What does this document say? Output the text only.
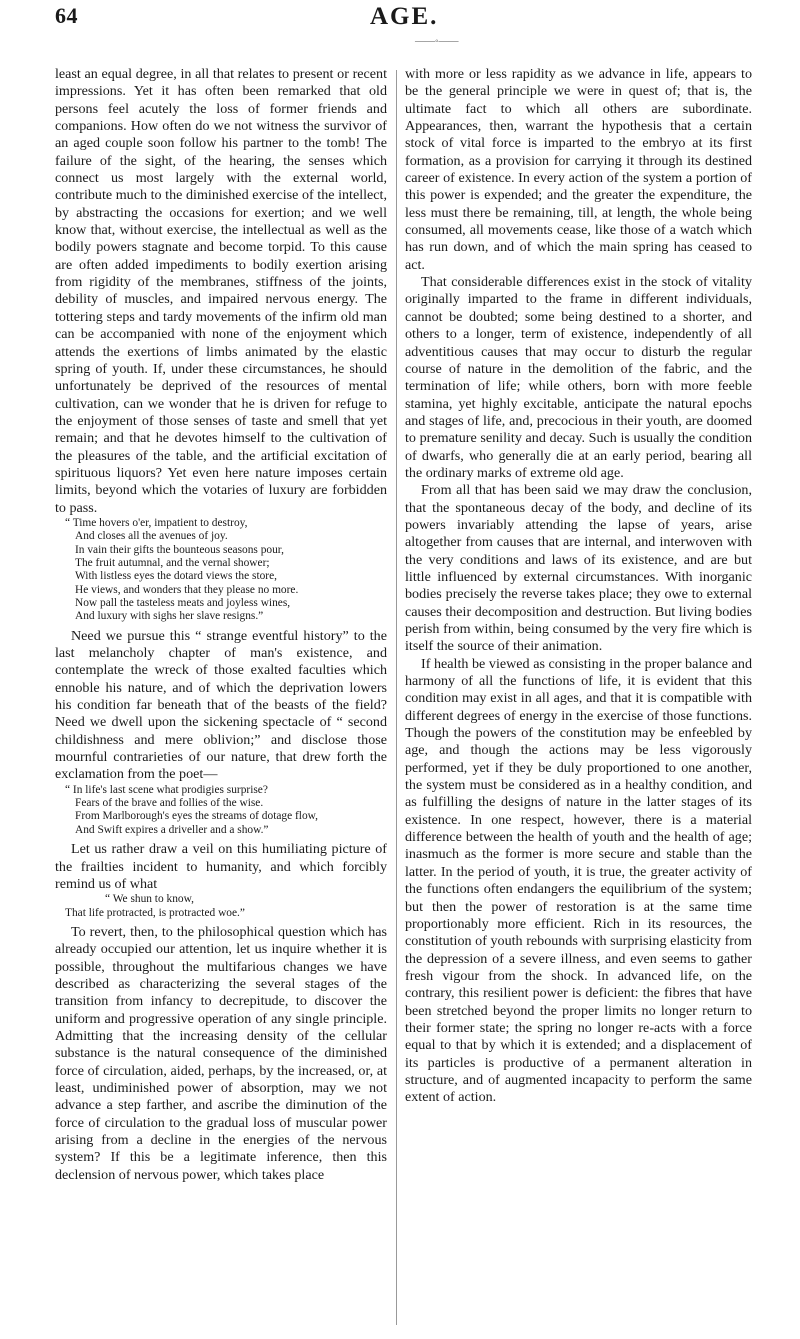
64	AGE.
——◦——

least an equal degree, in all that relates to present or recent impressions. Yet it has often been remarked that old persons feel acutely the loss of former friends and companions. How often do we not witness the survivor of an aged couple soon follow his partner to the tomb! The failure of the sight, of the hearing, the senses which connect us most largely with the external world, contribute much to the diminished exercise of the intellect, by abstracting the occasions for exertion; and we well know that, without exercise, the intellectual as well as the bodily powers stagnate and become torpid. To this cause are often added impediments to bodily exertion arising from rigidity of the membranes, stiffness of the joints, debility of muscles, and impaired nervous energy. The tottering steps and tardy movements of the infirm old man can be accompanied with none of the enjoyment which attends the exertions of limbs animated by the elastic spring of youth. If, under these circumstances, he should unfortunately be deprived of the resources of mental cultivation, can we wonder that he is driven for refuge to the enjoyment of those senses of taste and smell that yet remain; and that he devotes himself to the cultivation of the pleasures of the table, and the artificial excitation of spirituous liquors? Yet even here nature imposes certain limits, beyond which the votaries of luxury are forbidden to pass.

“ Time hovers o'er, impatient to destroy,
And closes all the avenues of joy.
In vain their gifts the bounteous seasons pour,
The fruit autumnal, and the vernal shower;
With listless eyes the dotard views the store,
He views, and wonders that they please no more.
Now pall the tasteless meats and joyless wines,
And luxury with sighs her slave resigns.”

Need we pursue this “ strange eventful history” to the last melancholy chapter of man's existence, and contemplate the wreck of those exalted faculties which ennoble his nature, and of which the deprivation lowers his condition far beneath that of the beasts of the field? Need we dwell upon the sickening spectacle of “ second childishness and mere oblivion;” and disclose those mournful contrarieties of our nature, that drew forth the exclamation from the poet—

“ In life's last scene what prodigies surprise?
Fears of the brave and follies of the wise.
From Marlborough's eyes the streams of dotage flow,
And Swift expires a driveller and a show.”

Let us rather draw a veil on this humiliating picture of the frailties incident to humanity, and which forcibly remind us of what

“ We shun to know,
That life protracted, is protracted woe.”

To revert, then, to the philosophical question which has already occupied our attention, let us inquire whether it is possible, throughout the multifarious changes we have described as characterizing the several stages of the transition from infancy to decrepitude, to discover the uniform and progressive operation of any single principle. Admitting that the increasing density of the cellular substance is the natural consequence of the diminished force of circulation, aided, perhaps, by the increased, or, at least, undiminished power of absorption, may we not advance a step farther, and ascribe the diminution of the force of circulation to the gradual loss of muscular power arising from a decline in the energies of the nervous system? If this be a legitimate inference, then this declension of nervous power, which takes place

with more or less rapidity as we advance in life, appears to be the general principle we were in quest of; that is, the ultimate fact to which all others are subordinate. Appearances, then, warrant the hypothesis that a certain stock of vital force is imparted to the embryo at its first formation, as a provision for carrying it through its destined career of existence. In every action of the system a portion of this power is expended; and the greater the expenditure, the less must there be remaining, till, at length, the whole being consumed, all movements cease, like those of a watch which has run down, and of which the main spring has ceased to act.

That considerable differences exist in the stock of vitality originally imparted to the frame in different individuals, cannot be doubted; some being destined to a shorter, and others to a longer, term of existence, independently of all adventitious causes that may occur to disturb the regular course of nature in the demolition of the fabric, and the termination of life; while others, born with more feeble stamina, yet highly excitable, anticipate the natural epochs and stages of life, and, precocious in their youth, are doomed to premature senility and decay. Such is usually the condition of dwarfs, who generally die at an early period, bearing all the ordinary marks of extreme old age.

From all that has been said we may draw the conclusion, that the spontaneous decay of the body, and decline of its powers invariably attending the lapse of years, arise altogether from causes that are internal, and interwoven with the very conditions and laws of its existence, and are but little influenced by external circumstances. With inorganic bodies precisely the reverse takes place; they owe to external causes their decomposition and destruction. But living bodies perish from within, being consumed by the very fire which is itself the source of their animation.

If health be viewed as consisting in the proper balance and harmony of all the functions of life, it is evident that this condition may exist in all ages, and that it is compatible with different degrees of energy in the exercise of those functions. Though the powers of the constitution may be enfeebled by age, and though the actions may be less vigorously performed, yet if they be duly proportioned to one another, the system must be considered as in a healthy condition, and as fulfilling the designs of nature in the latter stages of its existence. In one respect, however, there is a material difference between the health of youth and the health of age; inasmuch as the former is more secure and stable than the latter. In the period of youth, it is true, the greater activity of the functions often endangers the equilibrium of the system; but then the power of restoration is at the same time proportionably more efficient. Rich in its resources, the constitution of youth rebounds with surprising elasticity from the depression of a severe illness, and even seems to gather fresh vigour from the shock. In advanced life, on the contrary, this resilient power is deficient: the fibres that have been stretched beyond the proper limits no longer return to their former state; the spring no longer re-acts with a force equal to that by which it is extended; and a displacement of its particles is productive of a permanent alteration in structure, and of augmented incapacity to perform the same extent of action.
